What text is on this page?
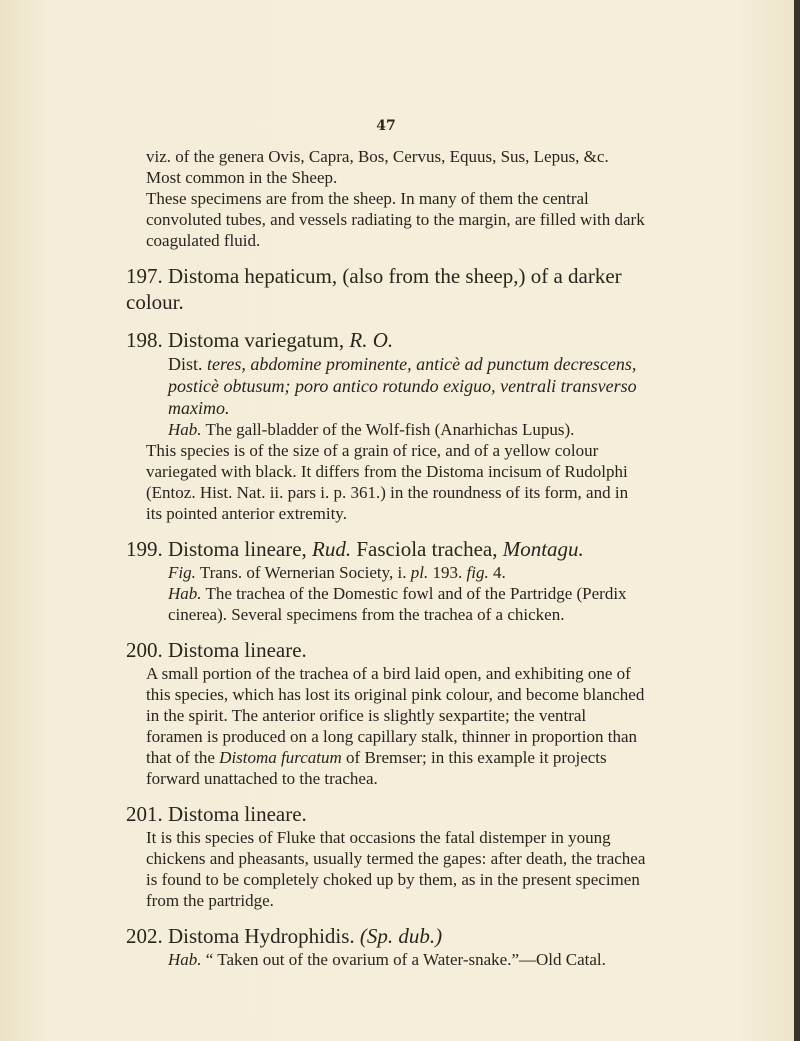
47
viz. of the genera Ovis, Capra, Bos, Cervus, Equus, Sus, Lepus, &c.
Most common in the Sheep.
These specimens are from the sheep. In many of them the central convoluted tubes, and vessels radiating to the margin, are filled with dark coagulated fluid.
197. Distoma hepaticum, (also from the sheep,) of a darker colour.
198. Distoma variegatum, R. O.
Dist. teres, abdomine prominente, anticè ad punctum decrescens, posticè obtusum; poro antico rotundo exiguo, ventrali transverso maximo.
Hab. The gall-bladder of the Wolf-fish (Anarhichas Lupus).
This species is of the size of a grain of rice, and of a yellow colour variegated with black. It differs from the Distoma incisum of Rudolphi (Entoz. Hist. Nat. ii. pars i. p. 361.) in the roundness of its form, and in its pointed anterior extremity.
199. Distoma lineare, Rud. Fasciola trachea, Montagu.
Fig. Trans. of Wernerian Society, i. pl. 193. fig. 4.
Hab. The trachea of the Domestic fowl and of the Partridge (Perdix cinerea). Several specimens from the trachea of a chicken.
200. Distoma lineare.
A small portion of the trachea of a bird laid open, and exhibiting one of this species, which has lost its original pink colour, and become blanched in the spirit. The anterior orifice is slightly sexpartite; the ventral foramen is produced on a long capillary stalk, thinner in proportion than that of the Distoma furcatum of Bremser; in this example it projects forward unattached to the trachea.
201. Distoma lineare.
It is this species of Fluke that occasions the fatal distemper in young chickens and pheasants, usually termed the gapes: after death, the trachea is found to be completely choked up by them, as in the present specimen from the partridge.
202. Distoma Hydrophidis. (Sp. dub.)
Hab. “ Taken out of the ovarium of a Water-snake.”—Old Catal.
